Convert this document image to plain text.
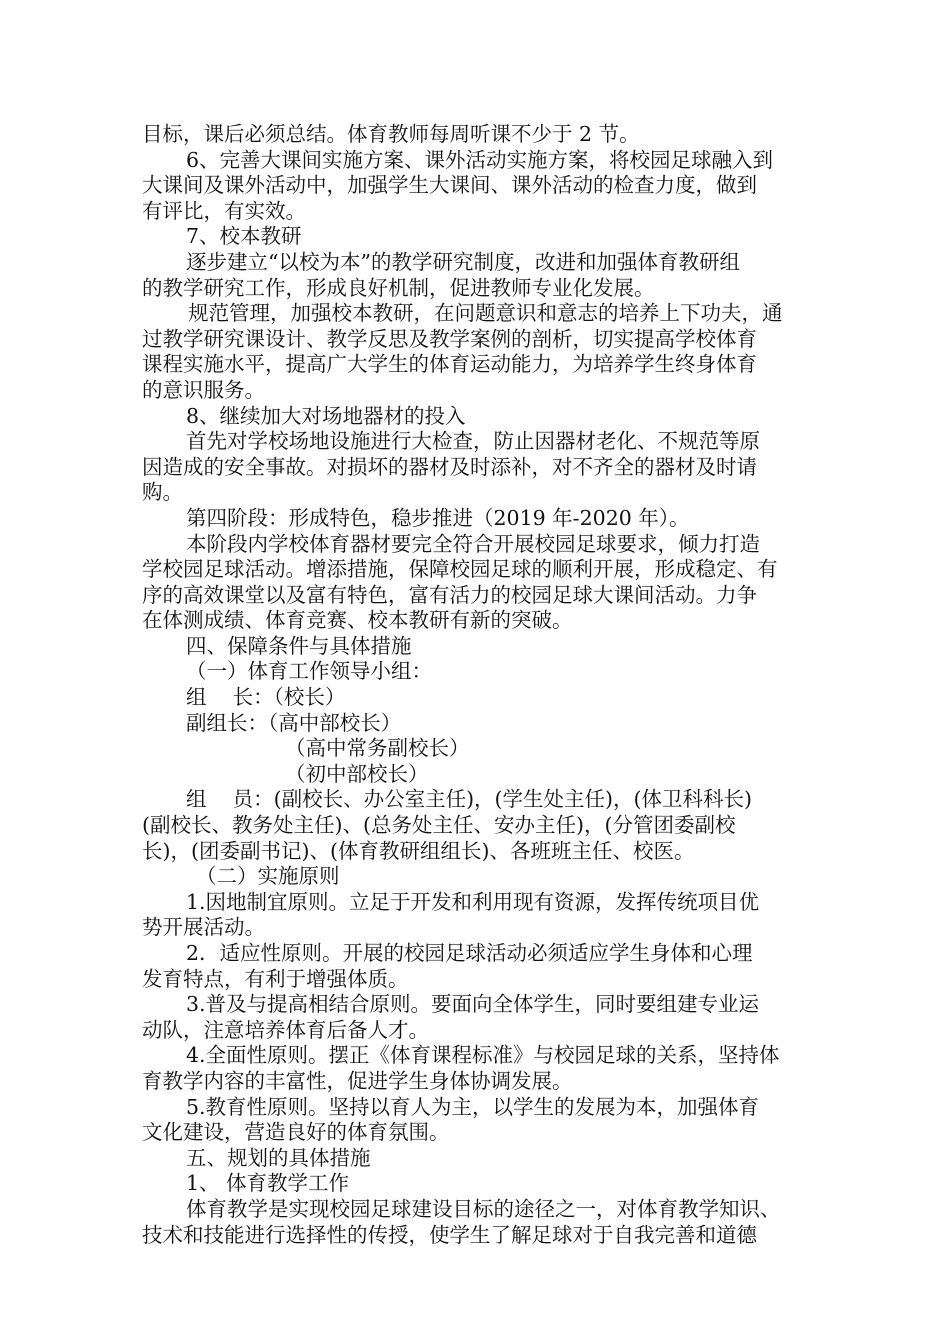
目标，课后必须总结。体育教师每周听课不少于 2 节。
6、完善大课间实施方案、课外活动实施方案，将校园足球融入到
大课间及课外活动中，加强学生大课间、课外活动的检查力度，做到
有评比，有实效。
7、校本教研
逐步建立“以校为本”的教学研究制度，改进和加强体育教研组
的教学研究工作，形成良好机制，促进教师专业化发展。
规范管理，加强校本教研，在问题意识和意志的培养上下功夫，通
过教学研究课设计、教学反思及教学案例的剖析，切实提高学校体育
课程实施水平，提高广大学生的体育运动能力，为培养学生终身体育
的意识服务。
8、继续加大对场地器材的投入
首先对学校场地设施进行大检查，防止因器材老化、不规范等原
因造成的安全事故。对损坏的器材及时添补，对不齐全的器材及时请
购。
第四阶段：形成特色，稳步推进（2019 年-2020 年）。
本阶段内学校体育器材要完全符合开展校园足球要求，倾力打造
学校园足球活动。增添措施，保障校园足球的顺利开展，形成稳定、有
序的高效课堂以及富有特色，富有活力的校园足球大课间活动。力争
在体测成绩、体育竞赛、校本教研有新的突破。
四、保障条件与具体措施
（一）体育工作领导小组：
组    长：（校长）
副组长：（高中部校长）
（高中常务副校长）
（初中部校长）
组    员：(副校长、办公室主任)，(学生处主任)，(体卫科科长)
(副校长、教务处主任)、(总务处主任、安办主任)，(分管团委副校
长)，(团委副书记)、(体育教研组组长)、各班班主任、校医。
（二）实施原则
1.因地制宜原则。立足于开发和利用现有资源，发挥传统项目优
势开展活动。
2．适应性原则。开展的校园足球活动必须适应学生身体和心理
发育特点，有利于增强体质。
3.普及与提高相结合原则。要面向全体学生，同时要组建专业运
动队，注意培养体育后备人才。
4.全面性原则。摆正《体育课程标准》与校园足球的关系，坚持体
育教学内容的丰富性，促进学生身体协调发展。
5.教育性原则。坚持以育人为主，以学生的发展为本，加强体育
文化建设，营造良好的体育氛围。
五、规划的具体措施
1、 体育教学工作
体育教学是实现校园足球建设目标的途径之一，对体育教学知识、
技术和技能进行选择性的传授，使学生了解足球对于自我完善和道德
